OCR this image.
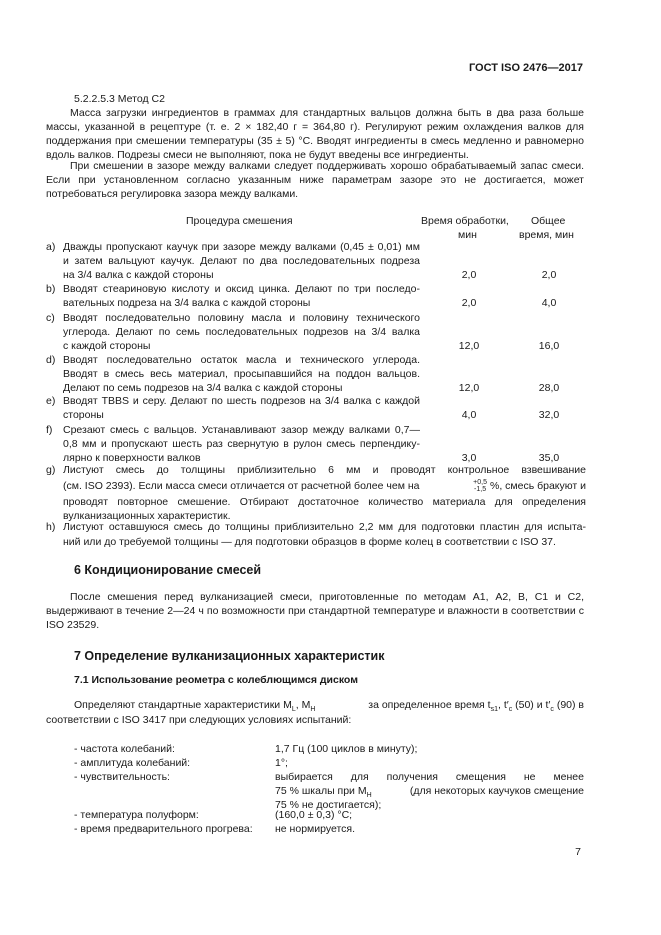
ГОСТ ISO 2476—2017
5.2.2.5.3 Метод С2
Масса загрузки ингредиентов в граммах для стандартных вальцов должна быть в два раза больше массы, указанной в рецептуре (т. е. 2 × 182,40 г = 364,80 г). Регулируют режим охлаждения валков для поддержания при смешении температуры (35 ± 5) °С. Вводят ингредиенты в смесь медленно и равномерно вдоль валков. Подрезы смеси не выполняют, пока не будут введены все ингредиенты.
При смешении в зазоре между валками следует поддерживать хорошо обрабатываемый запас смеси. Если при установленном согласно указанным ниже параметрам зазоре это не достигается, может потребоваться регулировка зазора между валками.
Процедура смешения	Время обработки,
мин
Общее
время, мин
a) Дважды пропускают каучук при зазоре между валками (0,45 ± 0,01) мм
и затем вальцуют каучук. Делают по два последовательных подреза
на 3/4 валка с каждой стороны	2,0	2,0
b) Вводят стеариновую кислоту и оксид цинка. Делают по три последо-
вательных подреза на 3/4 валка с каждой стороны	2,0	4,0
c) Вводят последовательно половину масла и половину технического
углерода. Делают по семь последовательных подрезов на 3/4 валка
с каждой стороны	12,0	16,0
d) Вводят последовательно остаток масла и технического углерода.
Вводят в смесь весь материал, просыпавшийся на поддон вальцов.
Делают по семь подрезов на 3/4 валка с каждой стороны	12,0	28,0
e) Вводят TBBS и серу. Делают по шесть подрезов на 3/4 валка с каждой
стороны	4,0	32,0
f)	Срезают смесь с вальцов. Устанавливают зазор между валками 0,7—
0,8 мм и пропускают шесть раз свернутую в рулон смесь перпендику-
лярно к поверхности валков	3,0	35,0
g) Листуют смесь до толщины приблизительно 6 мм и проводят контрольное взвешивание
(см. ISO 2393). Если масса смеси отличается от расчетной более чем на	+0,5
-1,5 %, смесь бракуют и
проводят повторное смешение. Отбирают достаточное количество материала для определения
вулканизационных характеристик.
h) Листуют оставшуюся смесь до толщины приблизительно 2,2 мм для подготовки пластин для испыта-
ний или до требуемой толщины — для подготовки образцов в форме колец в соответствии с ISO 37.
6 Кондиционирование смесей
После смешения перед вулканизацией смеси, приготовленные по методам А1, А2, В, С1 и С2, выдерживают в течение 2—24 ч по возможности при стандартной температуре и влажности в соответствии с ISO 23529.
7 Определение вулканизационных характеристик
7.1 Использование реометра с колеблющимся диском
Определяют стандартные характеристики $M_L$, $M_H$	за определенное время $t_{s1}$, $t'_c$ (50) и $t'_c$ (90) в
соответствии с ISO 3417 при следующих условиях испытаний:
- частота колебаний:	1,7 Гц (100 циклов в минуту);
- амплитуда колебаний:	1°;
- чувствительность:	выбирается для получения смещения не менее
75 % шкалы при $M_H$	(для некоторых каучуков смещение
75 % не достигается);
- температура полуформ:	(160,0 ± 0,3) °С;
- время предварительного прогрева:	не нормируется.
7
